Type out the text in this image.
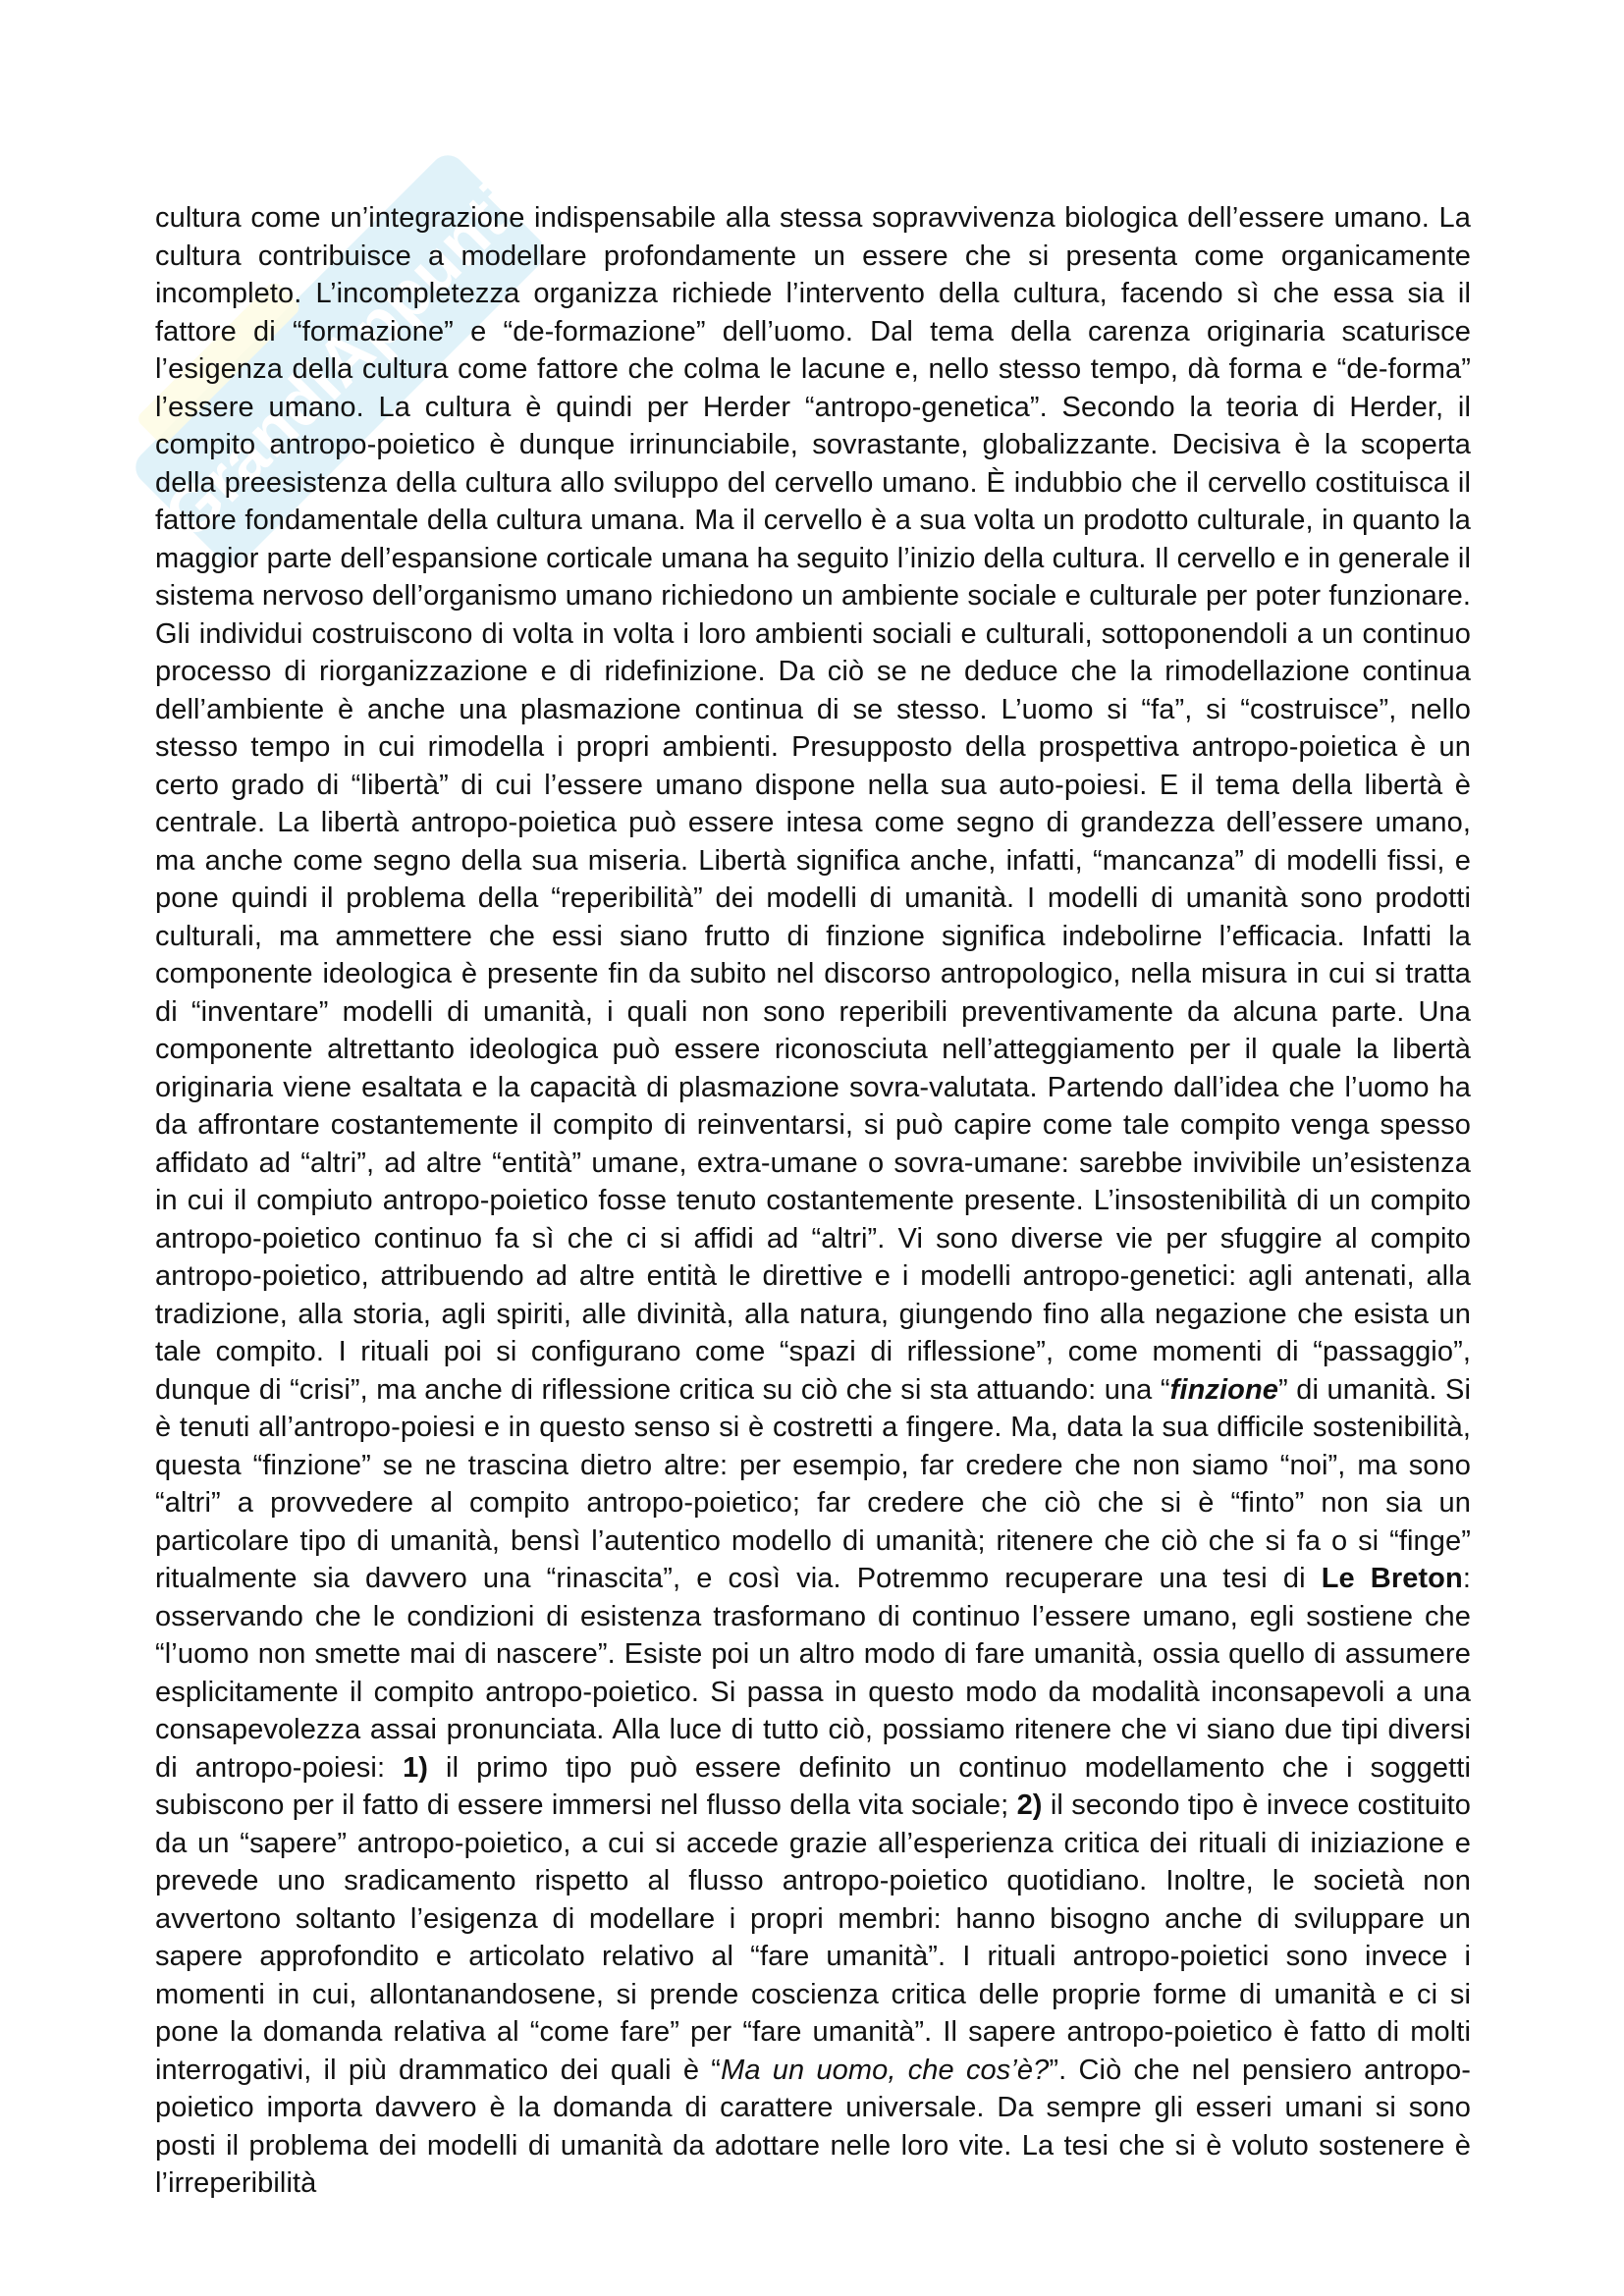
GrandiAppunti

cultura come un’integrazione indispensabile alla stessa sopravvivenza biologica dell’essere umano. La cultura contribuisce a modellare profondamente un essere che si presenta come organicamente incompleto. L’incompletezza organizza richiede l’intervento della cultura, facendo sì che essa sia il fattore di “formazione” e “de-formazione” dell’uomo. Dal tema della carenza originaria scaturisce l’esigenza della cultura come fattore che colma le lacune e, nello stesso tempo, dà forma e “de-forma” l’essere umano. La cultura è quindi per Herder “antropo-genetica”. Secondo la teoria di Herder, il compito antropo-poietico è dunque irrinunciabile, sovrastante, globalizzante. Decisiva è la scoperta della preesistenza della cultura allo sviluppo del cervello umano. È indubbio che il cervello costituisca il fattore fondamentale della cultura umana. Ma il cervello è a sua volta un prodotto culturale, in quanto la maggior parte dell’espansione corticale umana ha seguito l’inizio della cultura. Il cervello e in generale il sistema nervoso dell’organismo umano richiedono un ambiente sociale e culturale per poter funzionare. Gli individui costruiscono di volta in volta i loro ambienti sociali e culturali, sottoponendoli a un continuo processo di riorganizzazione e di ridefinizione. Da ciò se ne deduce che la rimodellazione continua dell’ambiente è anche una plasmazione continua di se stesso. L’uomo si “fa”, si “costruisce”, nello stesso tempo in cui rimodella i propri ambienti. Presupposto della prospettiva antropo-poietica è un certo grado di “libertà” di cui l’essere umano dispone nella sua auto-poiesi. E il tema della libertà è centrale. La libertà antropo-poietica può essere intesa come segno di grandezza dell’essere umano, ma anche come segno della sua miseria. Libertà significa anche, infatti, “mancanza” di modelli fissi, e pone quindi il problema della “reperibilità” dei modelli di umanità. I modelli di umanità sono prodotti culturali, ma ammettere che essi siano frutto di finzione significa indebolirne l’efficacia. Infatti la componente ideologica è presente fin da subito nel discorso antropologico, nella misura in cui si tratta di “inventare” modelli di umanità, i quali non sono reperibili preventivamente da alcuna parte. Una componente altrettanto ideologica può essere riconosciuta nell’atteggiamento per il quale la libertà originaria viene esaltata e la capacità di plasmazione sovra-valutata. Partendo dall’idea che l’uomo ha da affrontare costantemente il compito di reinventarsi, si può capire come tale compito venga spesso affidato ad “altri”, ad altre “entità” umane, extra-umane o sovra-umane: sarebbe invivibile un’esistenza in cui il compiuto antropo-poietico fosse tenuto costantemente presente. L’insostenibilità di un compito antropo-poietico continuo fa sì che ci si affidi ad “altri”. Vi sono diverse vie per sfuggire al compito antropo-poietico, attribuendo ad altre entità le direttive e i modelli antropo-genetici: agli antenati, alla tradizione, alla storia, agli spiriti, alle divinità, alla natura, giungendo fino alla negazione che esista un tale compito. I rituali poi si configurano come “spazi di riflessione”, come momenti di “passaggio”, dunque di “crisi”, ma anche di riflessione critica su ciò che si sta attuando: una “finzione” di umanità. Si è tenuti all’antropo-poiesi e in questo senso si è costretti a fingere. Ma, data la sua difficile sostenibilità, questa “finzione” se ne trascina dietro altre: per esempio, far credere che non siamo “noi”, ma sono “altri” a provvedere al compito antropo-poietico; far credere che ciò che si è “finto” non sia un particolare tipo di umanità, bensì l’autentico modello di umanità; ritenere che ciò che si fa o si “finge” ritualmente sia davvero una “rinascita”, e così via. Potremmo recuperare una tesi di Le Breton: osservando che le condizioni di esistenza trasformano di continuo l’essere umano, egli sostiene che “l’uomo non smette mai di nascere”. Esiste poi un altro modo di fare umanità, ossia quello di assumere esplicitamente il compito antropo-poietico. Si passa in questo modo da modalità inconsapevoli a una consapevolezza assai pronunciata. Alla luce di tutto ciò, possiamo ritenere che vi siano due tipi diversi di antropo-poiesi: 1) il primo tipo può essere definito un continuo modellamento che i soggetti subiscono per il fatto di essere immersi nel flusso della vita sociale; 2) il secondo tipo è invece costituito da un “sapere” antropo-poietico, a cui si accede grazie all’esperienza critica dei rituali di iniziazione e prevede uno sradicamento rispetto al flusso antropo-poietico quotidiano. Inoltre, le società non avvertono soltanto l’esigenza di modellare i propri membri: hanno bisogno anche di sviluppare un sapere approfondito e articolato relativo al “fare umanità”. I rituali antropo-poietici sono invece i momenti in cui, allontanandosene, si prende coscienza critica delle proprie forme di umanità e ci si pone la domanda relativa al “come fare” per “fare umanità”. Il sapere antropo-poietico è fatto di molti interrogativi, il più drammatico dei quali è “Ma un uomo, che cos’è?”. Ciò che nel pensiero antropo-poietico importa davvero è la domanda di carattere universale. Da sempre gli esseri umani si sono posti il problema dei modelli di umanità da adottare nelle loro vite. La tesi che si è voluto sostenere è l’irreperibilità
